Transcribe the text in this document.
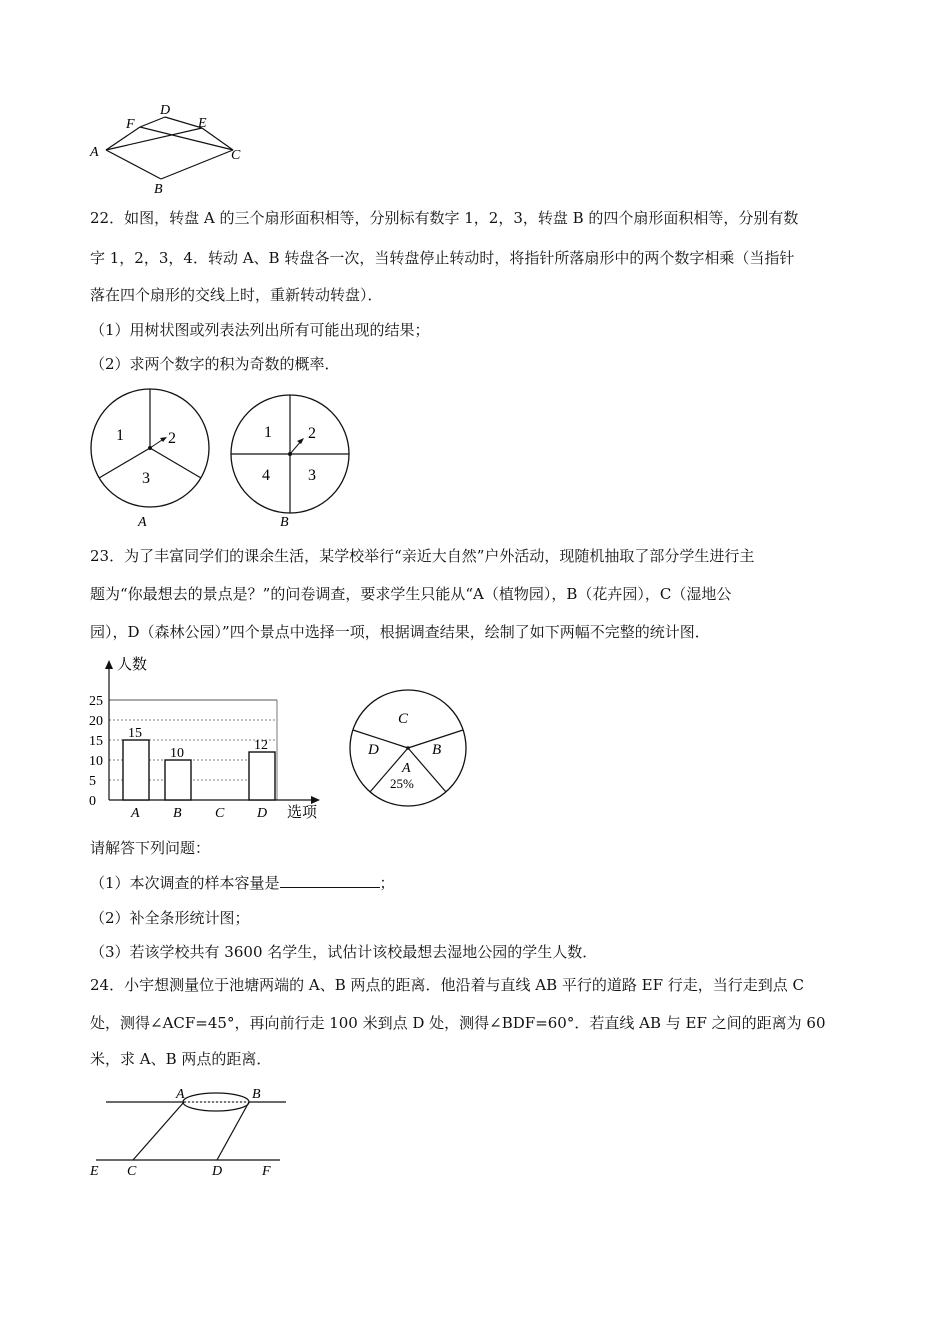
A
B
C
D
E
F
22．如图，转盘 A 的三个扇形面积相等，分别标有数字 1，2，3，转盘 B 的四个扇形面积相等，分别有数
字 1，2，3，4．转动 A、B 转盘各一次，当转盘停止转动时，将指针所落扇形中的两个数字相乘（当指针
落在四个扇形的交线上时，重新转动转盘）．
（1）用树状图或列表法列出所有可能出现的结果；
（2）求两个数字的积为奇数的概率．
1	2
3
A
1 2
3
4
B
23．为了丰富同学们的课余生活，某学校举行“亲近大自然”户外活动，现随机抽取了部分学生进行主
题为“你最想去的景点是？”的问卷调查，要求学生只能从“A（植物园），B（花卉园），C（湿地公
园），D（森林公园）”四个景点中选择一项，根据调查结果，绘制了如下两幅不完整的统计图．
0
5
10
15
20
25
15
10
12
A B C D
人数
选项
C
D	B
A
25%
请解答下列问题：
（1）本次调查的样本容量是	；
（2）补全条形统计图；
（3）若该学校共有 3600 名学生，试估计该校最想去湿地公园的学生人数．
24．小宇想测量位于池塘两端的 A、B 两点的距离．他沿着与直线 AB 平行的道路 EF 行走，当行走到点 C
处，测得∠ACF=45°，再向前行走 100 米到点 D 处，测得∠BDF=60°．若直线 AB 与 EF 之间的距离为 60
米，求 A、B 两点的距离．
A	B
C	D
E	F
